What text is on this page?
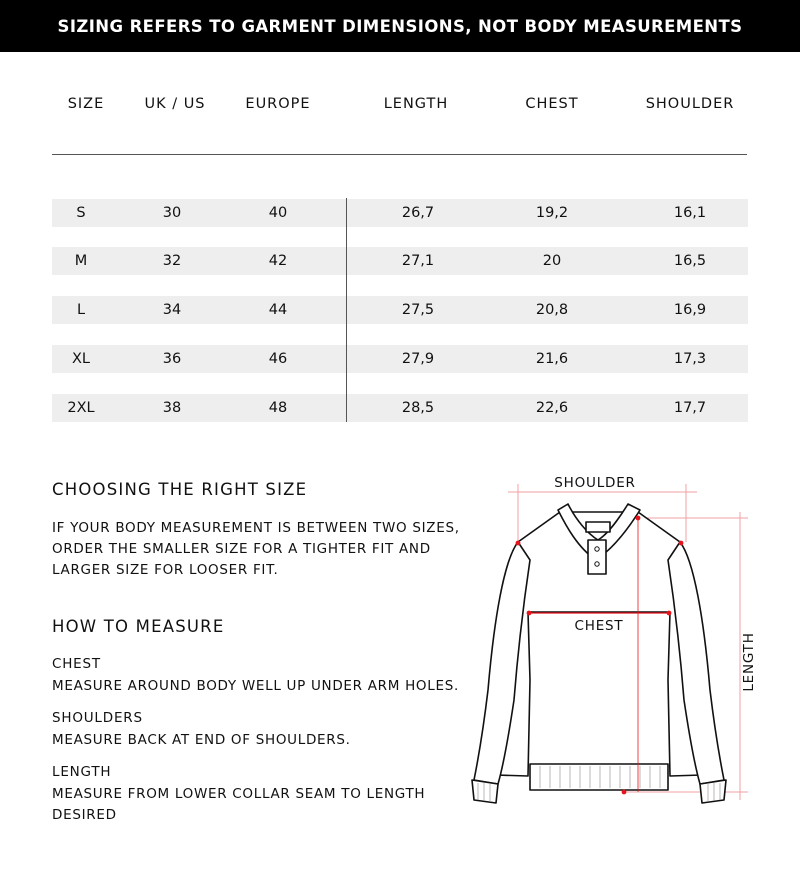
SIZING REFERS TO GARMENT DIMENSIONS, NOT BODY MEASUREMENTS
SIZE	UK / US	EUROPE	LENGTH	CHEST	SHOULDER
S	30	40	26,7	19,2	16,1
M	32	42	27,1	20	16,5
L	34	44	27,5	20,8	16,9
XL	36	46	27,9	21,6	17,3
2XL	38	48	28,5	22,6	17,7
CHOOSING THE RIGHT SIZE
IF YOUR BODY MEASUREMENT IS BETWEEN TWO SIZES,
ORDER THE SMALLER SIZE FOR A TIGHTER FIT AND
LARGER SIZE FOR LOOSER FIT.
HOW TO MEASURE
CHEST
MEASURE AROUND BODY WELL UP UNDER ARM HOLES.
SHOULDERS
MEASURE BACK AT END OF SHOULDERS.
LENGTH
MEASURE FROM LOWER COLLAR SEAM TO LENGTH
DESIRED
SHOULDER
CHEST
LENGTH
